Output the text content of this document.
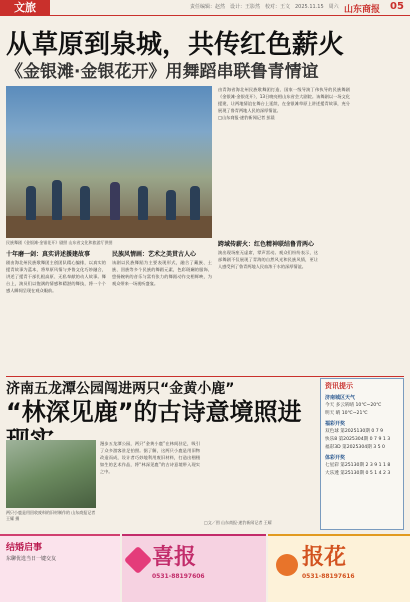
文旅	责任编辑：赵然　设计：王影然　校对：王文　2025.11.15　周六 山东商报 05
从草原到泉城，共传红色薪火
《金银滩·金银花开》用舞蹈串联鲁青情谊
民族舞剧《金银滩·金银花开》剧照 山东省文化和旅游厅供图
由青海省海北州民族歌舞团打造、国家一级导演丁伟执导的民族舞剧《金银滩·金银花开》，13日晚亮相山东省会大剧院。该舞剧以一场文化援建，让两地情谊在舞台上延续，在金银滩草原上讲述援青故事，充分展现了鲁青两地人民的深厚情谊。
□山东商报·速豹新闻记者 彭晨
十年磨一剑：真实讲述援建故事
剧由海北州民族歌舞团主创团队精心编排，以真实的援青故事为蓝本，将草原风情与齐鲁文化巧妙融合，讲述了援青干部扎根高原、无私奉献的动人故事。舞台上，演员们以饱满的情感和精湛的舞技，将一个个感人瞬间呈现在观众眼前。
民族风情画：艺术之美贯古人心
该剧以民族舞蹈为主要表现形式，融合了藏族、土族、回族等多个民族的舞蹈元素，色彩斑斓的服饰、悠扬婉转的音乐与富有张力的舞蹈动作交相辉映，为观众带来一场视听盛宴。
跨域传薪火：红色精神联结鲁青两心
演出现场座无虚席，掌声雷动。观众们纷纷表示，这部舞剧不仅展现了青海的自然风光和民族风情，更让人感受到了鲁青两地人民血浓于水的深厚情谊。
济南五龙潭公园闯进两只“金黄小鹿”
“林深见鹿”的古诗意境照进
两只小鹿是用回收废料的旧材制作的 山东商报记者 王耀 摄
漫步五龙潭公园，两只“金黄小鹿”在林间驻足，吸引了众多游客驻足拍照。据了解，这两只小鹿是用旧物改造而成，设计者巧妙地利用废旧材料，打造出栩栩如生的艺术作品，将“林深见鹿”的古诗意境带入现实之中。
□文／图 山东商报·速豹新闻记者 王耀
资讯提示
济南城区天气
今天 多云转晴 10℃~20℃
明天 晴 10℃~21℃
福彩开奖
双色球 第2025130期 0 7 9
快乐8 第2025304期 0 7 9 1 3
福彩3D 第2025304期 3 5 0
体彩开奖
七星彩 第25130期 2 3 9 1 1 8
大乐透 第25130期 0 5 1 4 2 3
结婚启事
东聊优选当日一键交友	喜报
0531-88197606
报花
0531-88197616
